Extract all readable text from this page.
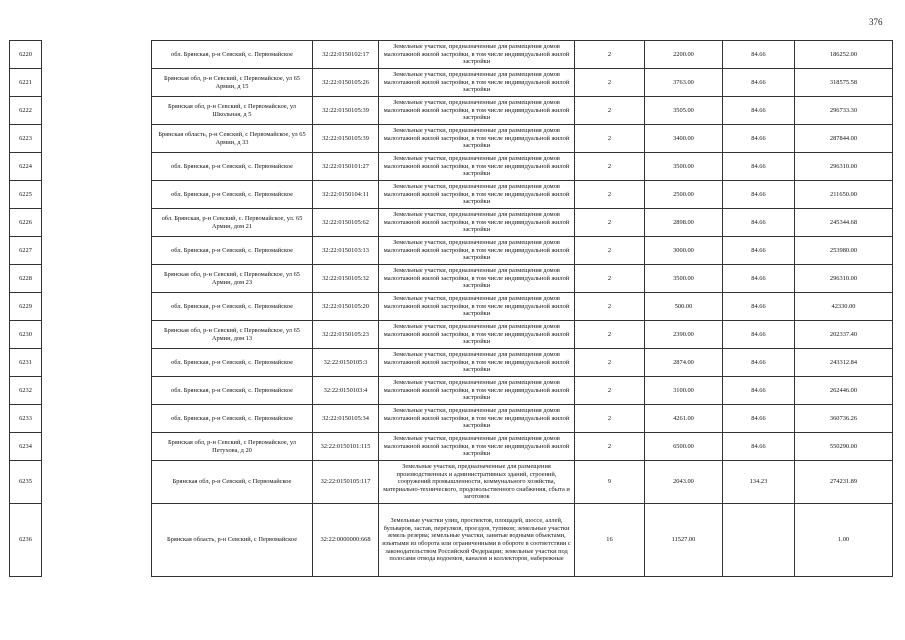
376
6220		обл. Брянская, р-н Севский, с. Первомайское	32:22:0150102:17	Земельные участки, предназначенные для размещения домов малоэтажной жилой застройки, в том числе индивидуальной жилой застройки	2	2200.00	84.66	186252.00
6221		Брянская обл, р-н Севский, с Первомайское, ул 65 Армии, д 15	32:22:0150105:26	Земельные участки, предназначенные для размещения домов малоэтажной жилой застройки, в том числе индивидуальной жилой застройки	2	3763.00	84.66	318575.58
6222		Брянская обл, р-н Севский, с Первомайское, ул Школьная, д 5	32:22:0150105:39	Земельные участки, предназначенные для размещения домов малоэтажной жилой застройки, в том числе индивидуальной жилой застройки	2	3505.00	84.66	296733.30
6223		Брянская область, р-н Севский, с Первомайское, ул 65 Армии, д 33	32:22:0150105:39	Земельные участки, предназначенные для размещения домов малоэтажной жилой застройки, в том числе индивидуальной жилой застройки	2	3400.00	84.66	287844.00
6224		обл. Брянская, р-н Севский, с. Первомайское	32:22:0150101:27	Земельные участки, предназначенные для размещения домов малоэтажной жилой застройки, в том числе индивидуальной жилой застройки	2	3500.00	84.66	296310.00
6225		обл. Брянская, р-н Севский, с. Первомайское	32:22:0150104:11	Земельные участки, предназначенные для размещения домов малоэтажной жилой застройки, в том числе индивидуальной жилой застройки	2	2500.00	84.66	211650.00
6226		обл. Брянская, р-н Севский, с. Первомайское, ул. 65 Армии, дом 21	32:22:0150105:62	Земельные участки, предназначенные для размещения домов малоэтажной жилой застройки, в том числе индивидуальной жилой застройки	2	2898.00	84.66	245344.68
6227		обл. Брянская, р-н Севский, с. Первомайское	32:22:0150103:13	Земельные участки, предназначенные для размещения домов малоэтажной жилой застройки, в том числе индивидуальной жилой застройки	2	3000.00	84.66	253980.00
6228		Брянская обл, р-н Севский, с Первомайское, ул 65 Армии, дом 23	32:22:0150105:32	Земельные участки, предназначенные для размещения домов малоэтажной жилой застройки, в том числе индивидуальной жилой застройки	2	3500.00	84.66	296310.00
6229		обл. Брянская, р-н Севский, с. Первомайское	32:22:0150105:20	Земельные участки, предназначенные для размещения домов малоэтажной жилой застройки, в том числе индивидуальной жилой застройки	2	500.00	84.66	42330.00
6230		Брянская обл, р-н Севский, с Первомайское, ул 65 Армии, дом 13	32:22:0150105:23	Земельные участки, предназначенные для размещения домов малоэтажной жилой застройки, в том числе индивидуальной жилой застройки	2	2390.00	84.66	202337.40
6231		обл. Брянская, р-н Севский, с. Первомайское	32:22:0150105:3	Земельные участки, предназначенные для размещения домов малоэтажной жилой застройки, в том числе индивидуальной жилой застройки	2	2874.00	84.66	243312.84
6232		обл. Брянская, р-н Севский, с. Первомайское	32:22:0150103:4	Земельные участки, предназначенные для размещения домов малоэтажной жилой застройки, в том числе индивидуальной жилой застройки	2	3100.00	84.66	262446.00
6233		обл. Брянская, р-н Севский, с. Первомайское	32:22:0150105:34	Земельные участки, предназначенные для размещения домов малоэтажной жилой застройки, в том числе индивидуальной жилой застройки	2	4261.00	84.66	360736.26
6234		Брянская обл, р-н Севский, с Первомайское, ул Петухова, д 20	32:22:0150101:115	Земельные участки, предназначенные для размещения домов малоэтажной жилой застройки, в том числе индивидуальной жилой застройки	2	6500.00	84.66	550290.00
6235		Брянская обл, р-н Севский, с Первомайское	32:22:0150105:117	Земельные участки, предназначенные для размещения производственных и административных зданий, строений, сооружений промышленности, коммунального хозяйства, материально-технического, продовольственного снабжения, сбыта и заготовок	9	2043.00	134.23	274231.89
6236		Брянская область, р-н Севский, с Первомайское	32:22:0000000:668	Земельные участки улиц, проспектов, площадей, шоссе, аллей, бульваров, застав, переулков, проездов, тупиков; земельные участки земель резерва; земельные участки, занятые водными объектами, изъятыми из оборота или ограниченными в обороте в соответствии с законодательством Российской Федерации; земельные участки под полосами отвода водоемов, каналов и коллекторов, набережные	16	11527.00		1.00
